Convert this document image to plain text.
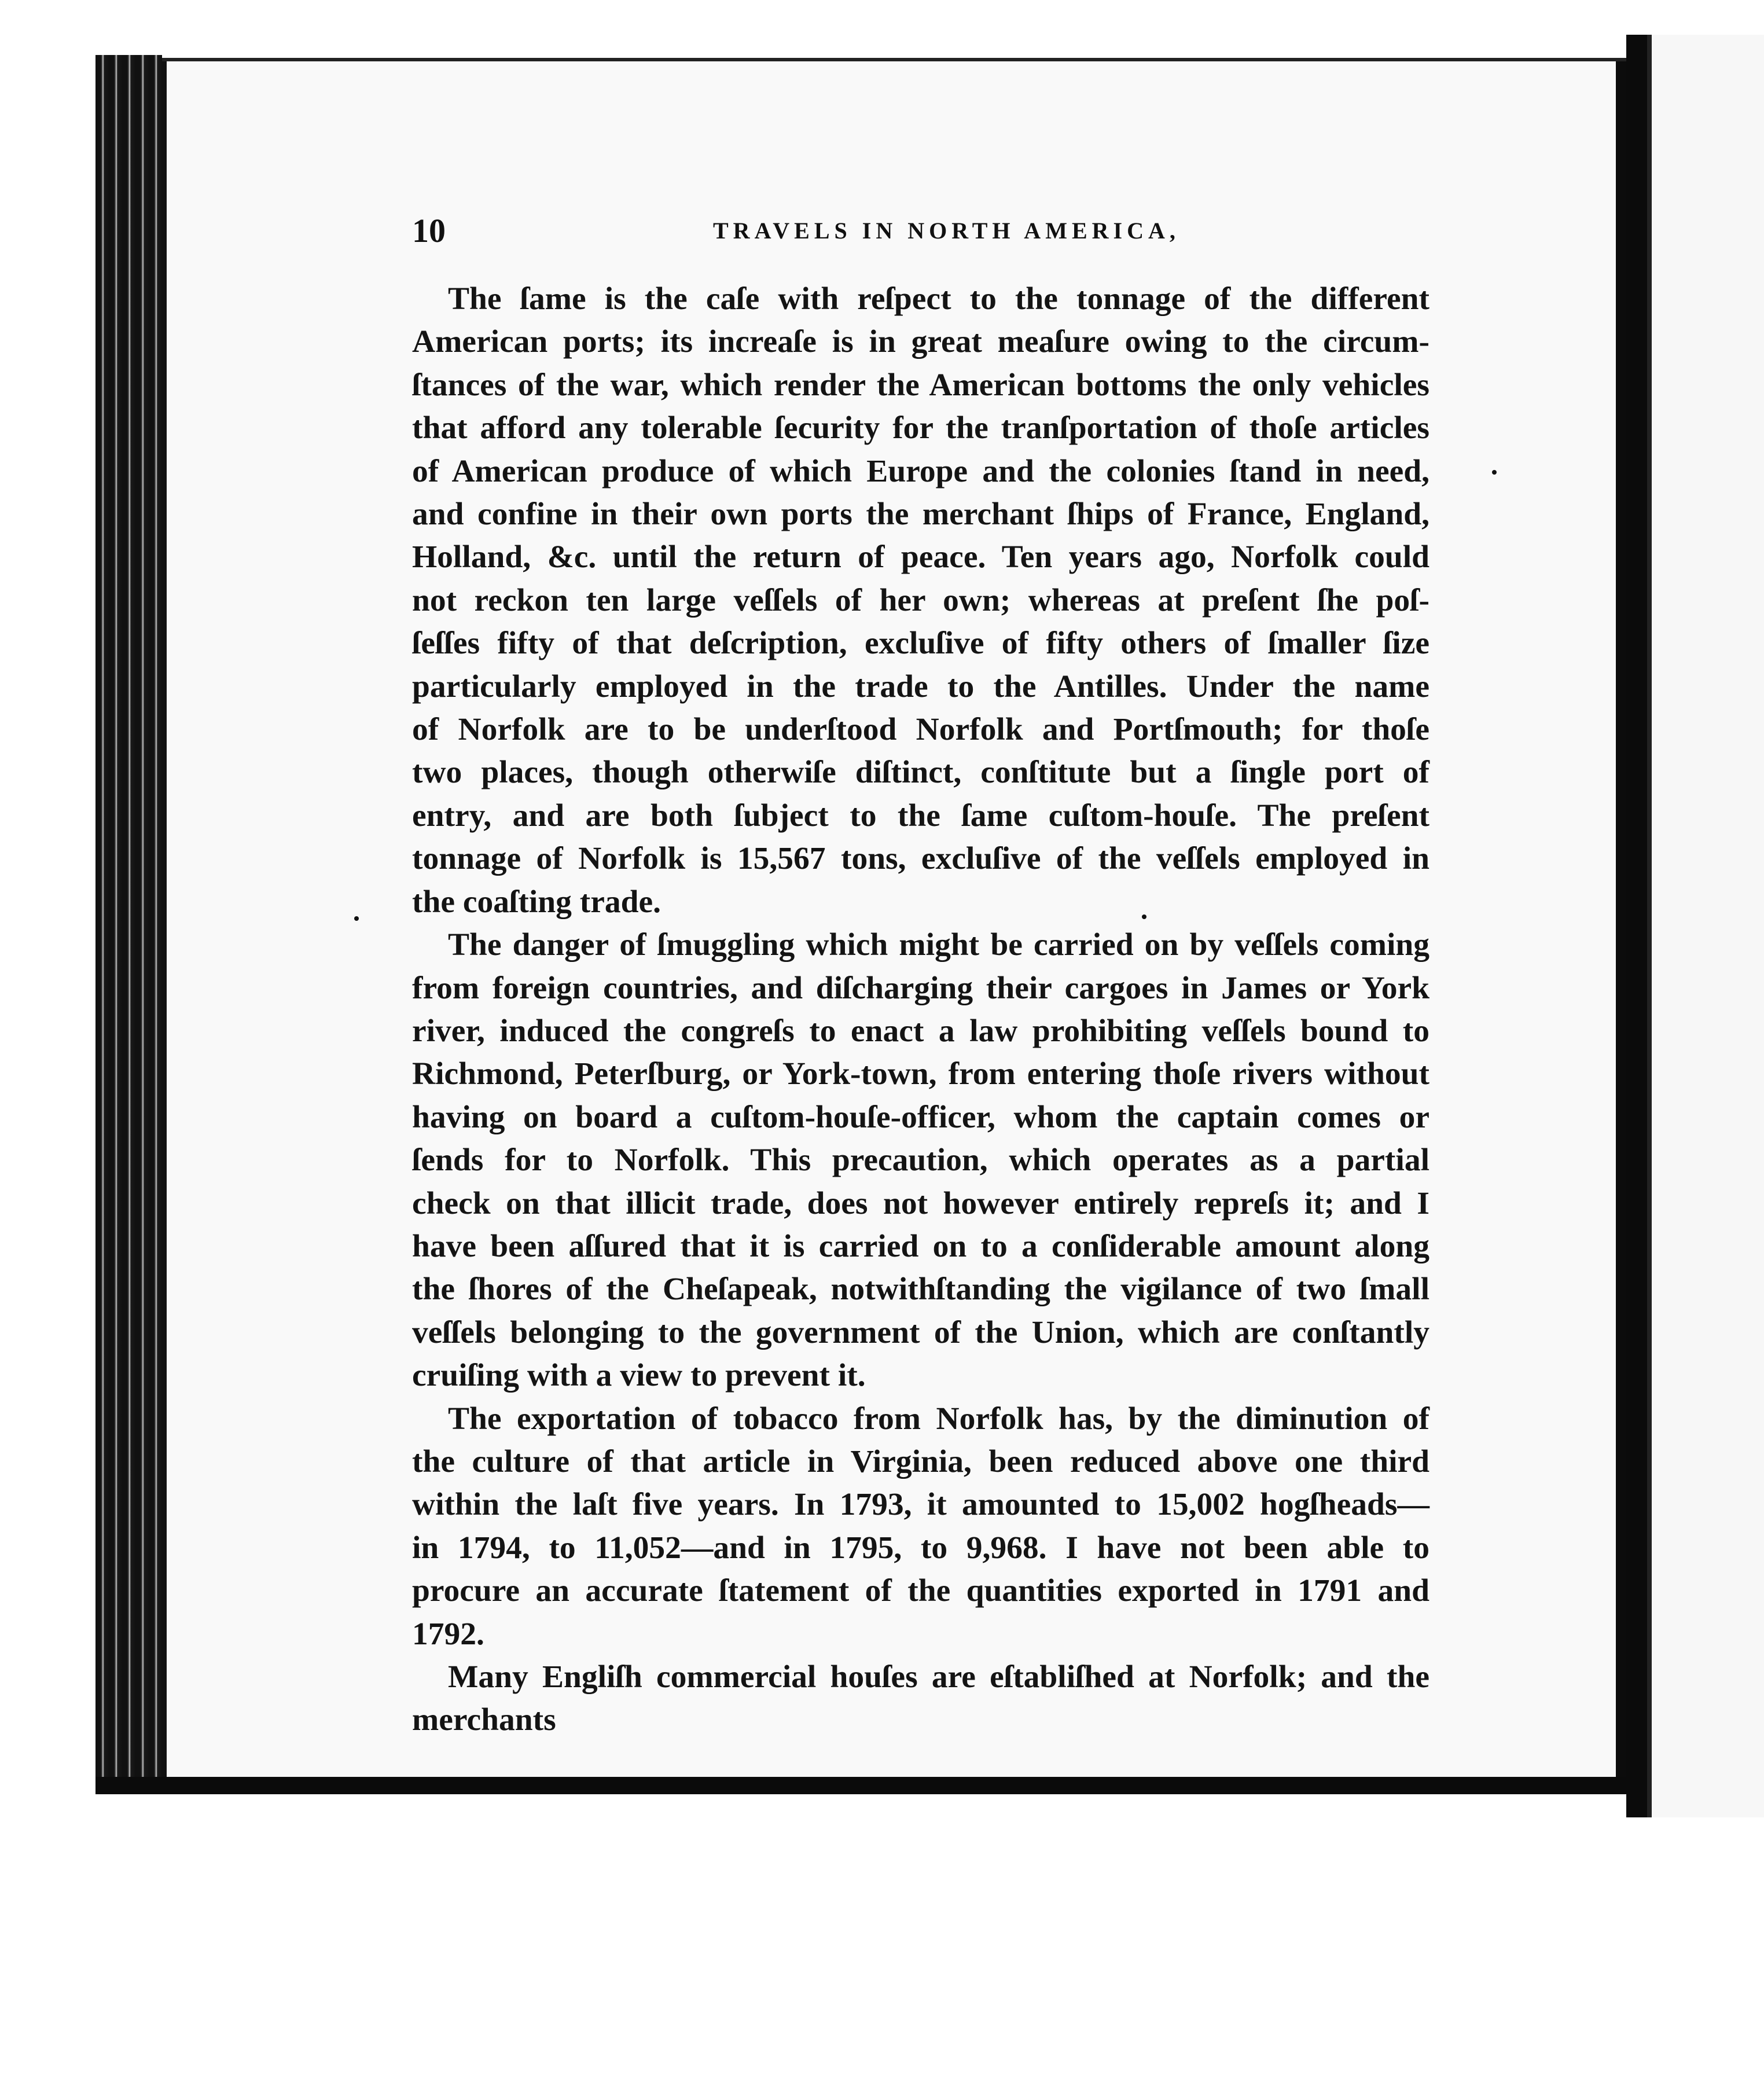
10	TRAVELS IN NORTH AMERICA,

The ſame is the caſe with reſpect to the tonnage of the different
American ports; its increaſe is in great meaſure owing to the circum-
ſtances of the war, which render the American bottoms the only vehicles
that afford any tolerable ſecurity for the tranſportation of thoſe articles
of American produce of which Europe and the colonies ſtand in need,
and confine in their own ports the merchant ſhips of France, England,
Holland, &c. until the return of peace. Ten years ago, Norfolk could
not reckon ten large veſſels of her own; whereas at preſent ſhe poſ-
ſeſſes fifty of that deſcription, excluſive of fifty others of ſmaller ſize
particularly employed in the trade to the Antilles. Under the name
of Norfolk are to be underſtood Norfolk and Portſmouth; for thoſe
two places, though otherwiſe diſtinct, conſtitute but a ſingle port of
entry, and are both ſubject to the ſame cuſtom-houſe. The preſent
tonnage of Norfolk is 15,567 tons, excluſive of the veſſels employed in
the coaſting trade.

The danger of ſmuggling which might be carried on by veſſels coming
from foreign countries, and diſcharging their cargoes in James or York
river, induced the congreſs to enact a law prohibiting veſſels bound to
Richmond, Peterſburg, or York-town, from entering thoſe rivers without
having on board a cuſtom-houſe-officer, whom the captain comes or
ſends for to Norfolk. This precaution, which operates as a partial
check on that illicit trade, does not however entirely repreſs it; and I
have been aſſured that it is carried on to a conſiderable amount along
the ſhores of the Cheſapeak, notwithſtanding the vigilance of two ſmall
veſſels belonging to the government of the Union, which are conſtantly
cruiſing with a view to prevent it.

The exportation of tobacco from Norfolk has, by the diminution of
the culture of that article in Virginia, been reduced above one third
within the laſt five years. In 1793, it amounted to 15,002 hogſheads—
in 1794, to 11,052—and in 1795, to 9,968. I have not been able to
procure an accurate ſtatement of the quantities exported in 1791 and
1792.

Many Engliſh commercial houſes are eſtabliſhed at Norfolk; and the

merchants
